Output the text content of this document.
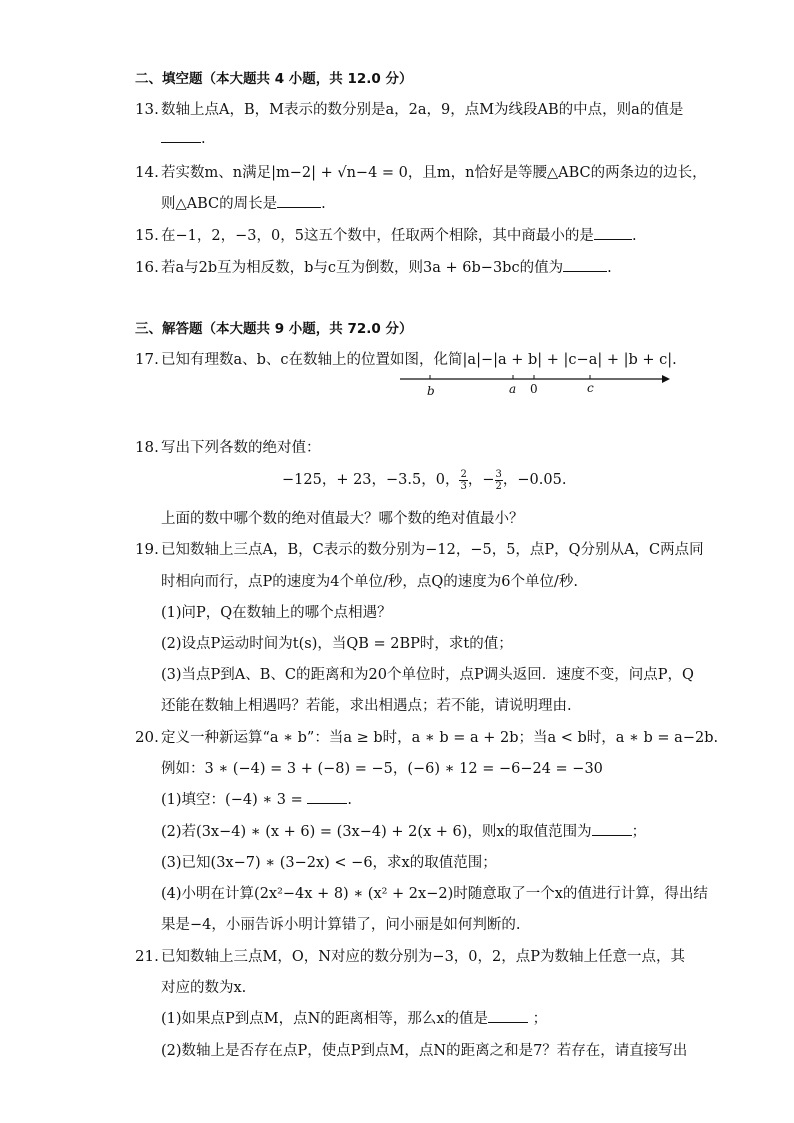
二、填空题（本大题共 4 小题，共 12.0 分）
13. 数轴上点A，B，M表示的数分别是a，2a，9，点M为线段AB的中点，则a的值是
.
14. 若实数m、n满足|m−2| + √n−4 = 0，且m，n恰好是等腰△ABC的两条边的边长，
则△ABC的周长是	.
15. 在−1，2，−3，0，5这五个数中，任取两个相除，其中商最小的是	.
16. 若a与2b互为相反数，b与c互为倒数，则3a + 6b−3bc的值为	.
三、解答题（本大题共 9 小题，共 72.0 分）
17. 已知有理数a、b、c在数轴上的位置如图，化简|a|−|a + b| + |c−a| + |b + c|.
b	a 0	c
18. 写出下列各数的绝对值：
−125，+ 23，−3.5，0， $\frac{2}{3}$ ，− $\frac{3}{2}$ ，−0.05.
上面的数中哪个数的绝对值最大？哪个数的绝对值最小？
19. 已知数轴上三点A，B，C表示的数分别为−12，−5，5，点P，Q分别从A，C两点同
时相向而行，点P的速度为4个单位/秒，点Q的速度为6个单位/秒.
(1)问P，Q在数轴上的哪个点相遇？
(2)设点P运动时间为t(s)，当QB = 2BP时，求t的值；
(3)当点P到A、B、C的距离和为20个单位时，点P调头返回．速度不变，问点P，Q
还能在数轴上相遇吗？若能，求出相遇点；若不能，请说明理由.
20. 定义一种新运算“a ∗ b”：当a ≥ b时，a ∗ b = a + 2b；当a < b时，a ∗ b = a−2b.
例如：3 ∗ (−4) = 3 + (−8) = −5，(−6) ∗ 12 = −6−24 = −30
(1)填空：(−4) ∗ 3 =	.
(2)若(3x−4) ∗ (x + 6) = (3x−4) + 2(x + 6)，则x的取值范围为	；
(3)已知(3x−7) ∗ (3−2x) < −6，求x的取值范围；
(4)小明在计算(2x²−4x + 8) ∗ (x² + 2x−2)时随意取了一个x的值进行计算，得出结
果是−4，小丽告诉小明计算错了，问小丽是如何判断的.
21. 已知数轴上三点M，O，N对应的数分别为−3，0，2，点P为数轴上任意一点，其
对应的数为x.
(1)如果点P到点M，点N的距离相等，那么x的值是	；
(2)数轴上是否存在点P，使点P到点M，点N的距离之和是7？若存在，请直接写出
